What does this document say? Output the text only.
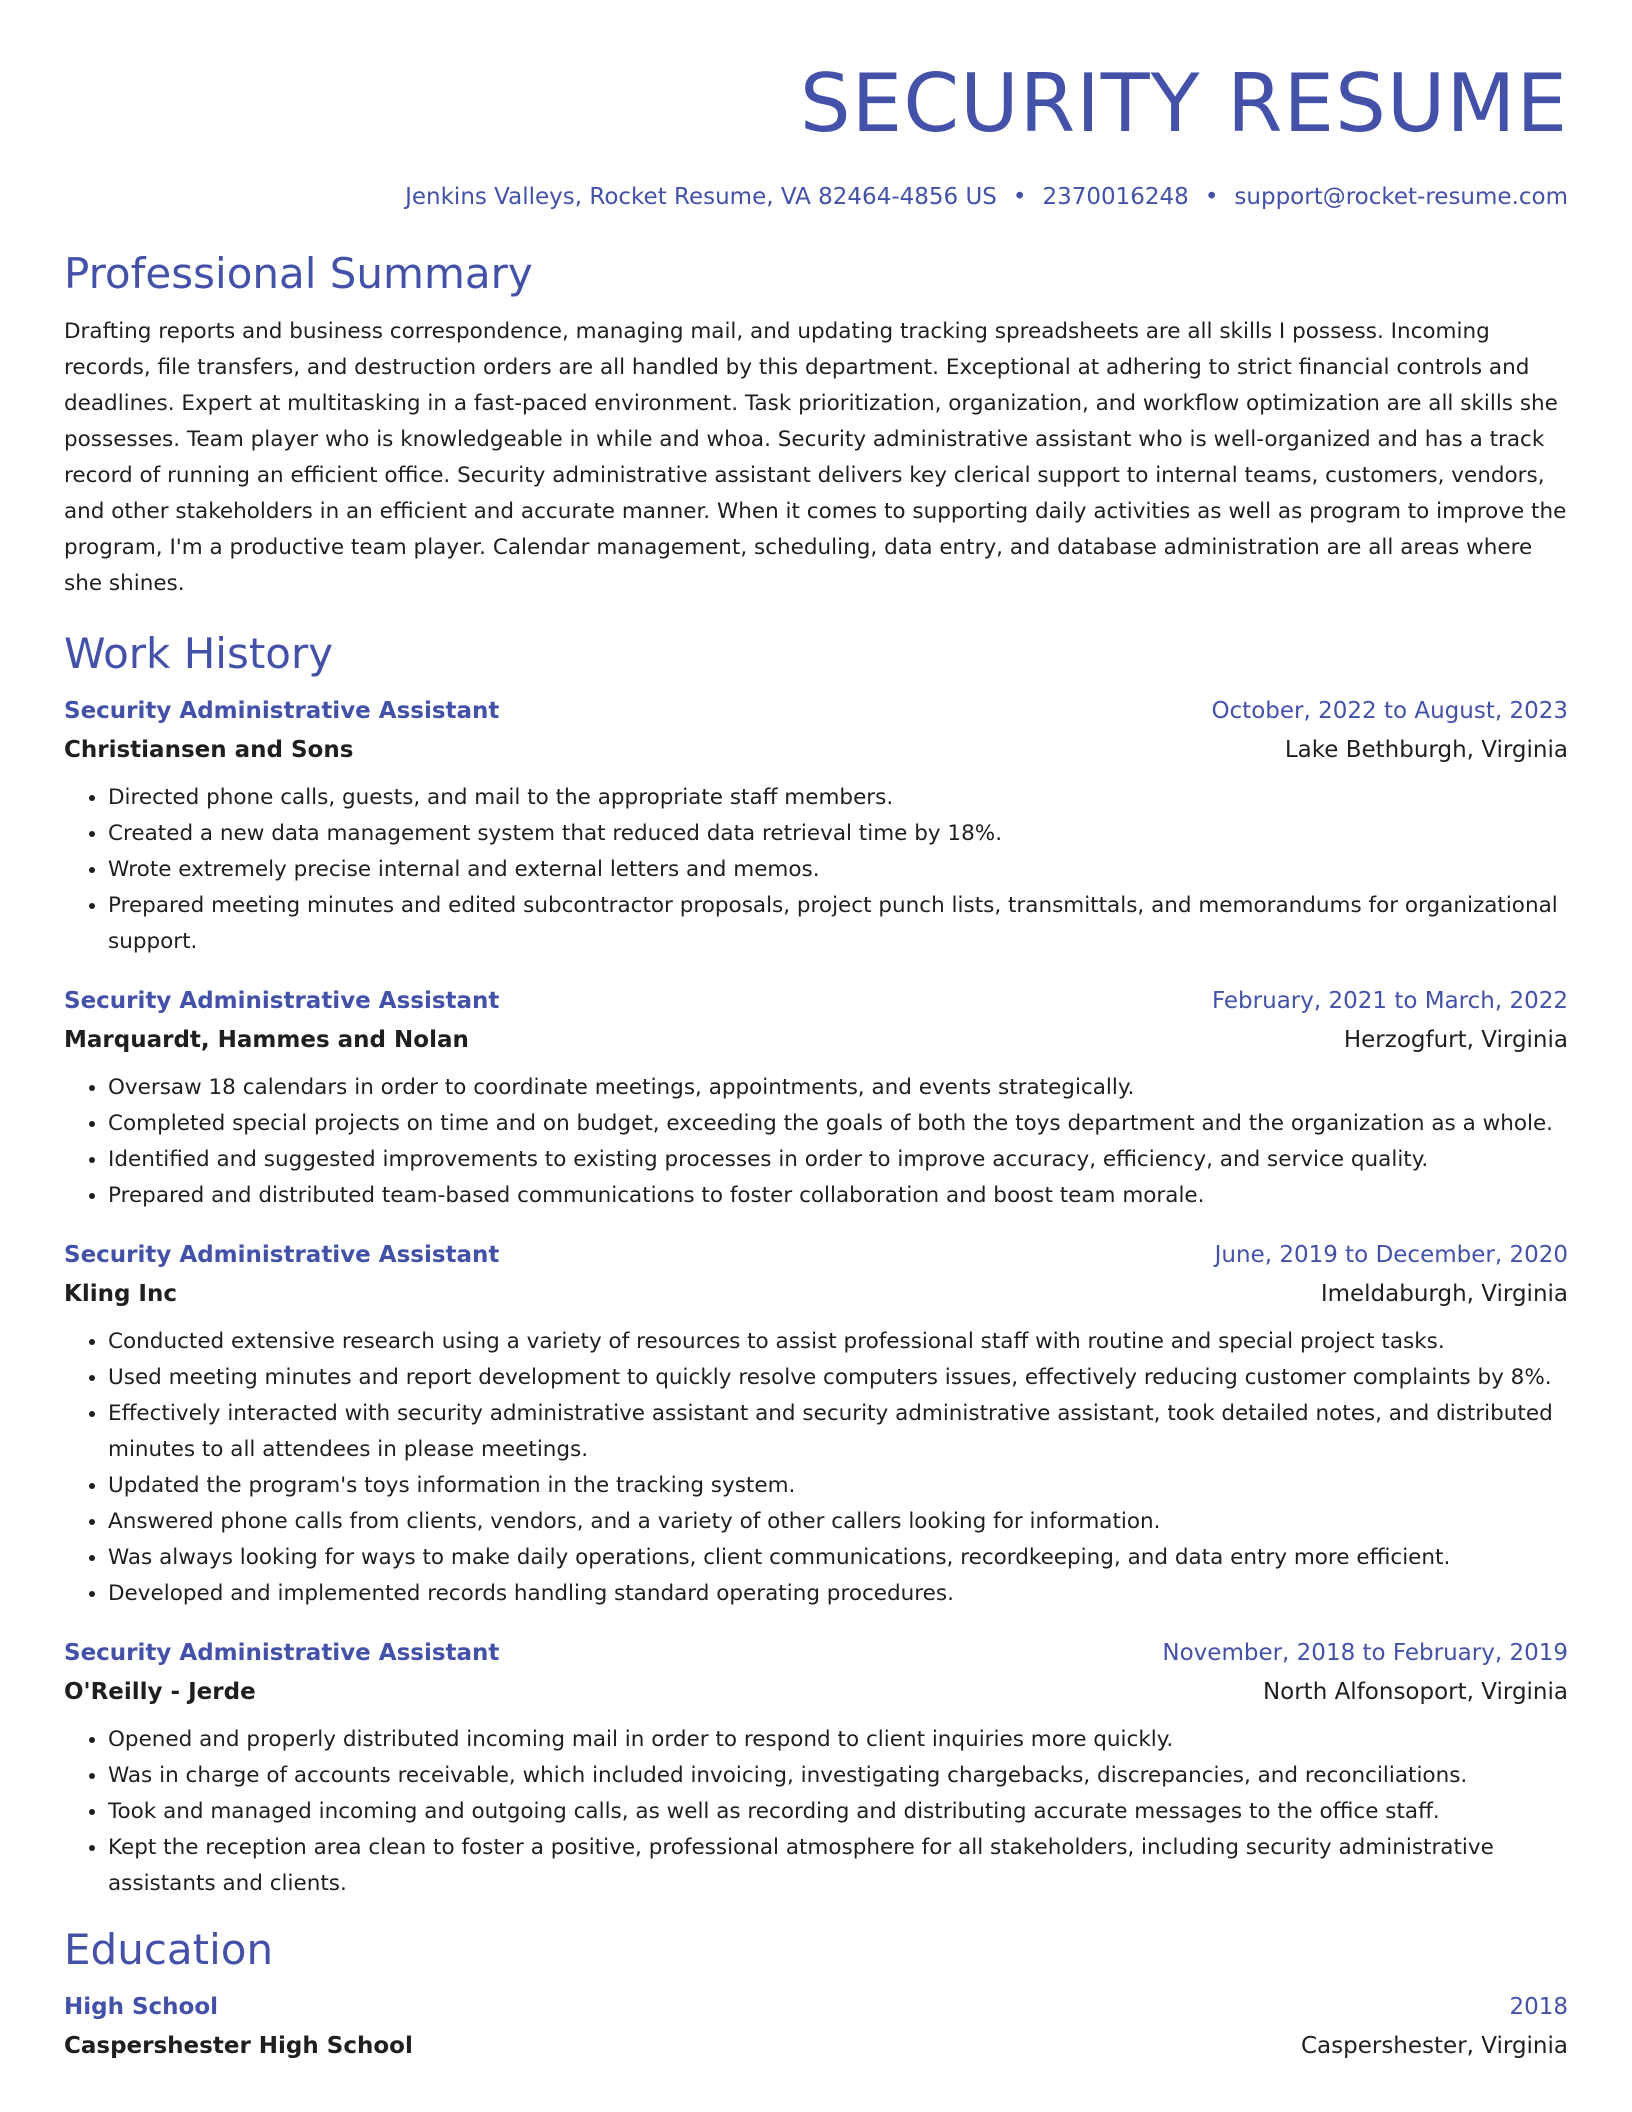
SECURITY RESUME
Jenkins Valleys, Rocket Resume, VA 82464-4856 US • 2370016248 • support@rocket-resume.com
Professional Summary
Drafting reports and business correspondence, managing mail, and updating tracking spreadsheets are all skills I possess. Incoming records, file transfers, and destruction orders are all handled by this department. Exceptional at adhering to strict financial controls and deadlines. Expert at multitasking in a fast-paced environment. Task prioritization, organization, and workflow optimization are all skills she possesses. Team player who is knowledgeable in while and whoa. Security administrative assistant who is well-organized and has a track record of running an efficient office. Security administrative assistant delivers key clerical support to internal teams, customers, vendors, and other stakeholders in an efficient and accurate manner. When it comes to supporting daily activities as well as program to improve the program, I'm a productive team player. Calendar management, scheduling, data entry, and database administration are all areas where she shines.
Work History
Security Administrative Assistant	October, 2022 to August, 2023
Christiansen and Sons	Lake Bethburgh, Virginia
• Directed phone calls, guests, and mail to the appropriate staff members.
• Created a new data management system that reduced data retrieval time by 18%.
• Wrote extremely precise internal and external letters and memos.
• Prepared meeting minutes and edited subcontractor proposals, project punch lists, transmittals, and memorandums for organizational support.
Security Administrative Assistant	February, 2021 to March, 2022
Marquardt, Hammes and Nolan	Herzogfurt, Virginia
• Oversaw 18 calendars in order to coordinate meetings, appointments, and events strategically.
• Completed special projects on time and on budget, exceeding the goals of both the toys department and the organization as a whole.
• Identified and suggested improvements to existing processes in order to improve accuracy, efficiency, and service quality.
• Prepared and distributed team-based communications to foster collaboration and boost team morale.
Security Administrative Assistant	June, 2019 to December, 2020
Kling Inc	Imeldaburgh, Virginia
• Conducted extensive research using a variety of resources to assist professional staff with routine and special project tasks.
• Used meeting minutes and report development to quickly resolve computers issues, effectively reducing customer complaints by 8%.
• Effectively interacted with security administrative assistant and security administrative assistant, took detailed notes, and distributed minutes to all attendees in please meetings.
• Updated the program's toys information in the tracking system.
• Answered phone calls from clients, vendors, and a variety of other callers looking for information.
• Was always looking for ways to make daily operations, client communications, recordkeeping, and data entry more efficient.
• Developed and implemented records handling standard operating procedures.
Security Administrative Assistant	November, 2018 to February, 2019
O'Reilly - Jerde	North Alfonsoport, Virginia
• Opened and properly distributed incoming mail in order to respond to client inquiries more quickly.
• Was in charge of accounts receivable, which included invoicing, investigating chargebacks, discrepancies, and reconciliations.
• Took and managed incoming and outgoing calls, as well as recording and distributing accurate messages to the office staff.
• Kept the reception area clean to foster a positive, professional atmosphere for all stakeholders, including security administrative assistants and clients.
Education
High School	2018
Caspershester High School	Caspershester, Virginia
